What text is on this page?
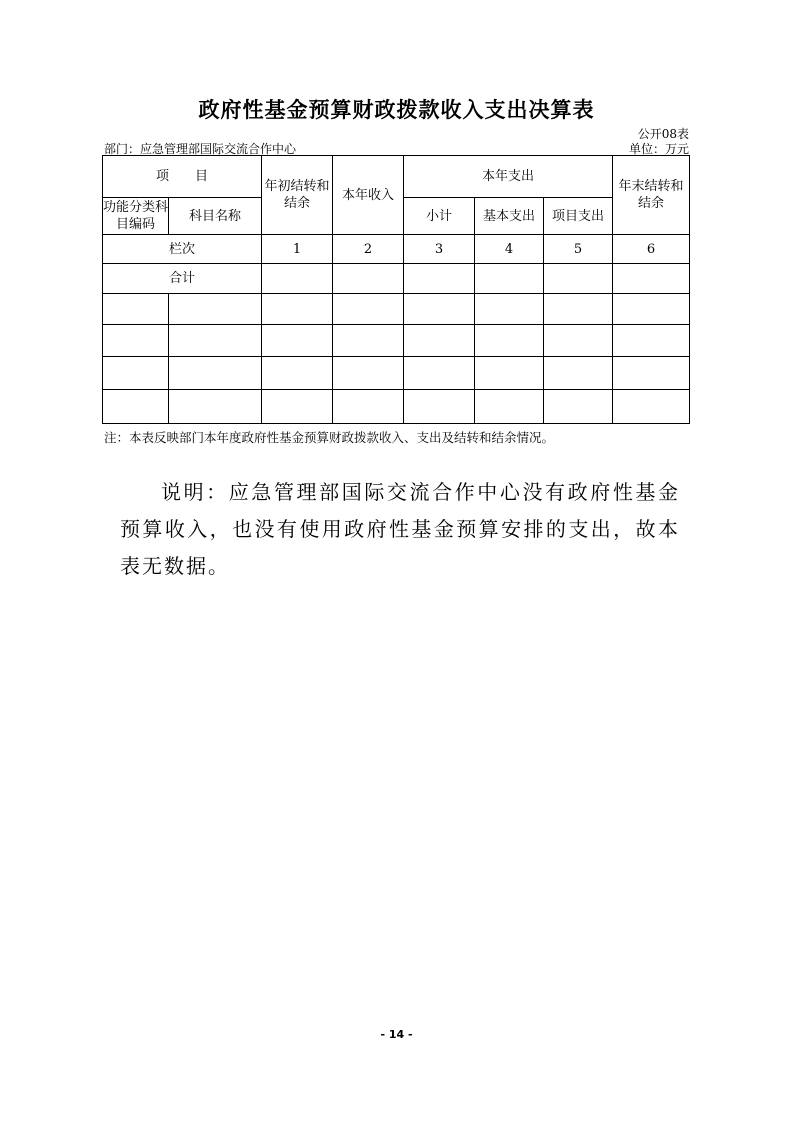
政府性基金预算财政拨款收入支出决算表
公开08表
部门：应急管理部国际交流合作中心	单位：万元
项　　目		年初结转和结余	本年收入	本年支出			年末结转和结余
功能分类科目编码	科目名称			小计	基本支出	项目支出	
栏次		1	2	3	4	5	6
合计							

注：本表反映部门本年度政府性基金预算财政拨款收入、支出及结转和结余情况。
说明：应急管理部国际交流合作中心没有政府性基金预算收入，也没有使用政府性基金预算安排的支出，故本表无数据。
- 14 -
